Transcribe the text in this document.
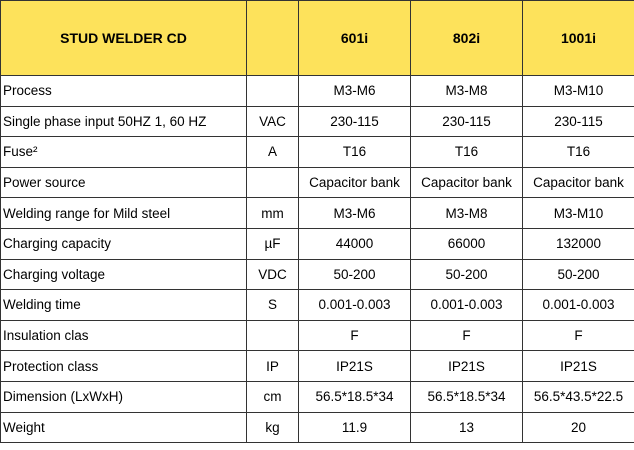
STUD WELDER CD		601i	802i	1001i
Process		M3-M6	M3-M8	M3-M10
Single phase input 50HZ 1, 60 HZ	VAC	230-115	230-115	230-115
Fuse²	A	T16	T16	T16
Power source		Capacitor bank	Capacitor bank	Capacitor bank
Welding range for Mild steel	mm	M3-M6	M3-M8	M3-M10
Charging capacity	µF	44000	66000	132000
Charging voltage	VDC	50-200	50-200	50-200
Welding time	S	0.001-0.003	0.001-0.003	0.001-0.003
Insulation clas		F	F	F
Protection class	IP	IP21S	IP21S	IP21S
Dimension (LxWxH)	cm	56.5*18.5*34	56.5*18.5*34	56.5*43.5*22.5
Weight	kg	11.9	13	20
